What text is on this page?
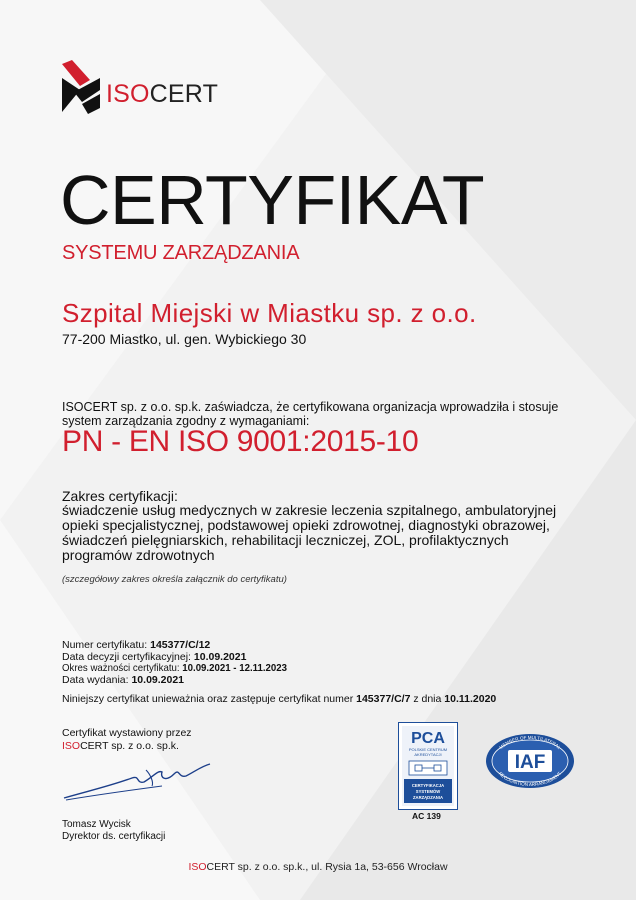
ISOCERT
CERTYFIKAT
SYSTEMU ZARZĄDZANIA
Szpital Miejski w Miastku sp. z o.o.
77-200 Miastko, ul. gen. Wybickiego 30
ISOCERT sp. z o.o. sp.k. zaświadcza, że certyfikowana organizacja wprowadziła i stosuje system zarządzania zgodny z wymaganiami:
PN - EN ISO 9001:2015-10
Zakres certyfikacji:
świadczenie usług medycznych w zakresie leczenia szpitalnego, ambulatoryjnej opieki specjalistycznej, podstawowej opieki zdrowotnej, diagnostyki obrazowej, świadczeń pielęgniarskich, rehabilitacji leczniczej, ZOL, profilaktycznych programów zdrowotnych
(szczegółowy zakres określa załącznik do certyfikatu)
Numer certyfikatu: 145377/C/12
Data decyzji certyfikacyjnej: 10.09.2021
Okres ważności certyfikatu: 10.09.2021 - 12.11.2023
Data wydania: 10.09.2021
Niniejszy certyfikat unieważnia oraz zastępuje certyfikat numer 145377/C/7 z dnia 10.11.2020
Certyfikat wystawiony przez
ISOCERT sp. z o.o. sp.k.
Tomasz Wycisk
Dyrektor ds. certyfikacji
PCA
POLSKIE CENTRUM
AKREDYTACJI
CERTYFIKACJA
SYSTEMÓW
ZARZĄDZANIA
AC 139
MEMBER OF MULTILATERAL
RECOGNITION ARRANGEMENT
IAF
ISOCERT sp. z o.o. sp.k., ul. Rysia 1a, 53-656 Wrocław
